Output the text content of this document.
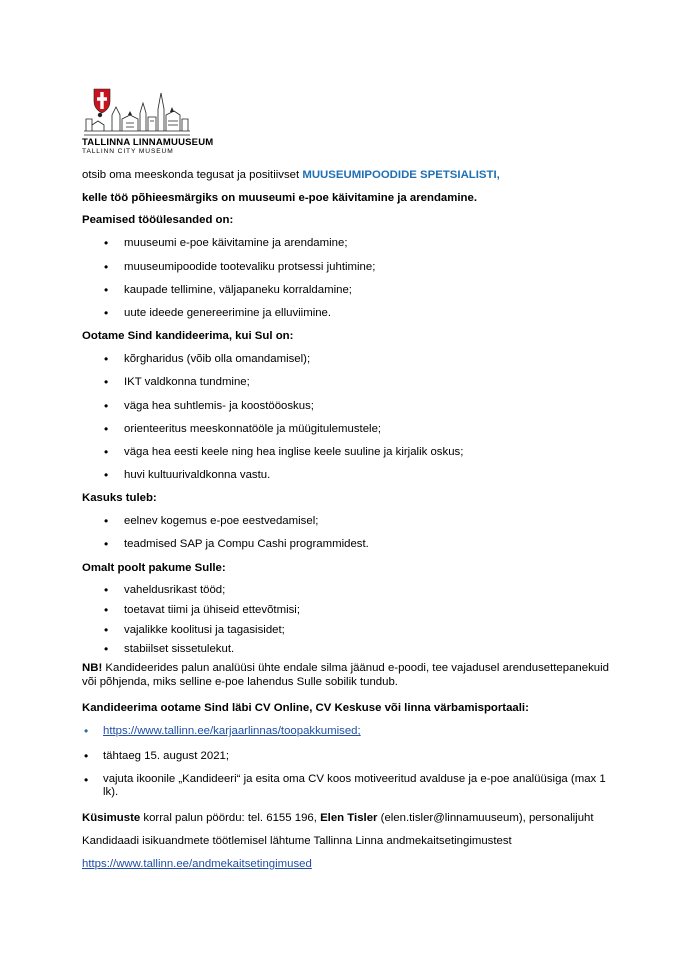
TALLINNA LINNAMUUSEUM
TALLINN CITY MUSEUM
otsib oma meeskonda tegusat ja positiivset MUUSEUMIPOODIDE SPETSIALISTI,
kelle töö põhieesmärgiks on muuseumi e-poe käivitamine ja arendamine.
Peamised tööülesanded on:
• muuseumi e-poe käivitamine ja arendamine;
• muuseumipoodide tootevaliku protsessi juhtimine;
• kaupade tellimine, väljapaneku korraldamine;
• uute ideede genereerimine ja elluviimine.
Ootame Sind kandideerima, kui Sul on:
• kõrgharidus (võib olla omandamisel);
• IKT valdkonna tundmine;
• väga hea suhtlemis- ja koostööoskus;
• orienteeritus meeskonnatööle ja müügitulemustele;
• väga hea eesti keele ning hea inglise keele suuline ja kirjalik oskus;
• huvi kultuurivaldkonna vastu.
Kasuks tuleb:
• eelnev kogemus e-poe eestvedamisel;
• teadmised SAP ja Compu Cashi programmidest.
Omalt poolt pakume Sulle:
• vaheldusrikast tööd;
• toetavat tiimi ja ühiseid ettevõtmisi;
• vajalikke koolitusi ja tagasisidet;
• stabiilset sissetulekut.
NB! Kandideerides palun analüüsi ühte endale silma jäänud e-poodi, tee vajadusel arendusettepanekuid või põhjenda, miks selline e-poe lahendus Sulle sobilik tundub.
Kandideerima ootame Sind läbi CV Online, CV Keskuse või linna värbamisportaali:
• https://www.tallinn.ee/karjaarlinnas/toopakkumised;
• tähtaeg 15. august 2021;
• vajuta ikoonile „Kandideeri“ ja esita oma CV koos motiveeritud avalduse ja e-poe analüüsiga (max 1 lk).
Küsimuste korral palun pöördu: tel. 6155 196, Elen Tisler (elen.tisler@linnamuuseum), personalijuht
Kandidaadi isikuandmete töötlemisel lähtume Tallinna Linna andmekaitsetingimustest
https://www.tallinn.ee/andmekaitsetingimused
